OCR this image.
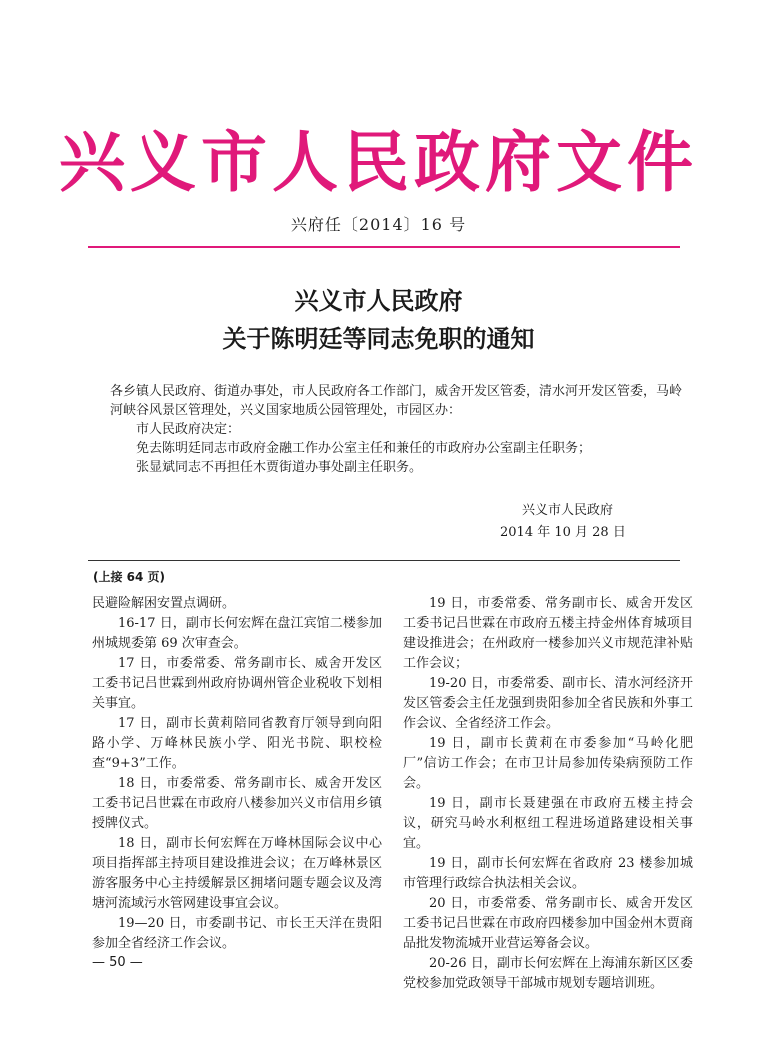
兴义市人民政府文件
兴府任〔2014〕16 号
兴义市人民政府
关于陈明廷等同志免职的通知

各乡镇人民政府、街道办事处，市人民政府各工作部门，威舍开发区管委，清水河开发区管委，马岭河峡谷风景区管理处，兴义国家地质公园管理处，市园区办：

市人民政府决定：

免去陈明廷同志市政府金融工作办公室主任和兼任的市政府办公室副主任职务；

张显斌同志不再担任木贾街道办事处副主任职务。

兴义市人民政府
2014 年 10 月 28 日
(上接 64 页)

民避险解困安置点调研。

16-17 日，副市长何宏辉在盘江宾馆二楼参加州城规委第 69 次审查会。

17 日，市委常委、常务副市长、威舍开发区工委书记吕世霖到州政府协调州管企业税收下划相关事宜。

17 日，副市长黄莉陪同省教育厅领导到向阳路小学、万峰林民族小学、阳光书院、职校检查“9+3”工作。

18 日，市委常委、常务副市长、威舍开发区工委书记吕世霖在市政府八楼参加兴义市信用乡镇授牌仪式。

18 日，副市长何宏辉在万峰林国际会议中心项目指挥部主持项目建设推进会议；在万峰林景区游客服务中心主持缓解景区拥堵问题专题会议及湾塘河流域污水管网建设事宜会议。

19—20 日，市委副书记、市长王天洋在贵阳参加全省经济工作会议。

19 日，市委常委、常务副市长、威舍开发区工委书记吕世霖在市政府五楼主持金州体育城项目建设推进会；在州政府一楼参加兴义市规范津补贴工作会议；

19-20 日，市委常委、副市长、清水河经济开发区管委会主任龙强到贵阳参加全省民族和外事工作会议、全省经济工作会。

19 日，副市长黄莉在市委参加“马岭化肥厂”信访工作会；在市卫计局参加传染病预防工作会。

19 日，副市长聂建强在市政府五楼主持会议，研究马岭水利枢纽工程进场道路建设相关事宜。

19 日，副市长何宏辉在省政府 23 楼参加城市管理行政综合执法相关会议。

20 日，市委常委、常务副市长、威舍开发区工委书记吕世霖在市政府四楼参加中国金州木贾商品批发物流城开业营运筹备会议。

20-26 日，副市长何宏辉在上海浦东新区区委党校参加党政领导干部城市规划专题培训班。

— 50 —
